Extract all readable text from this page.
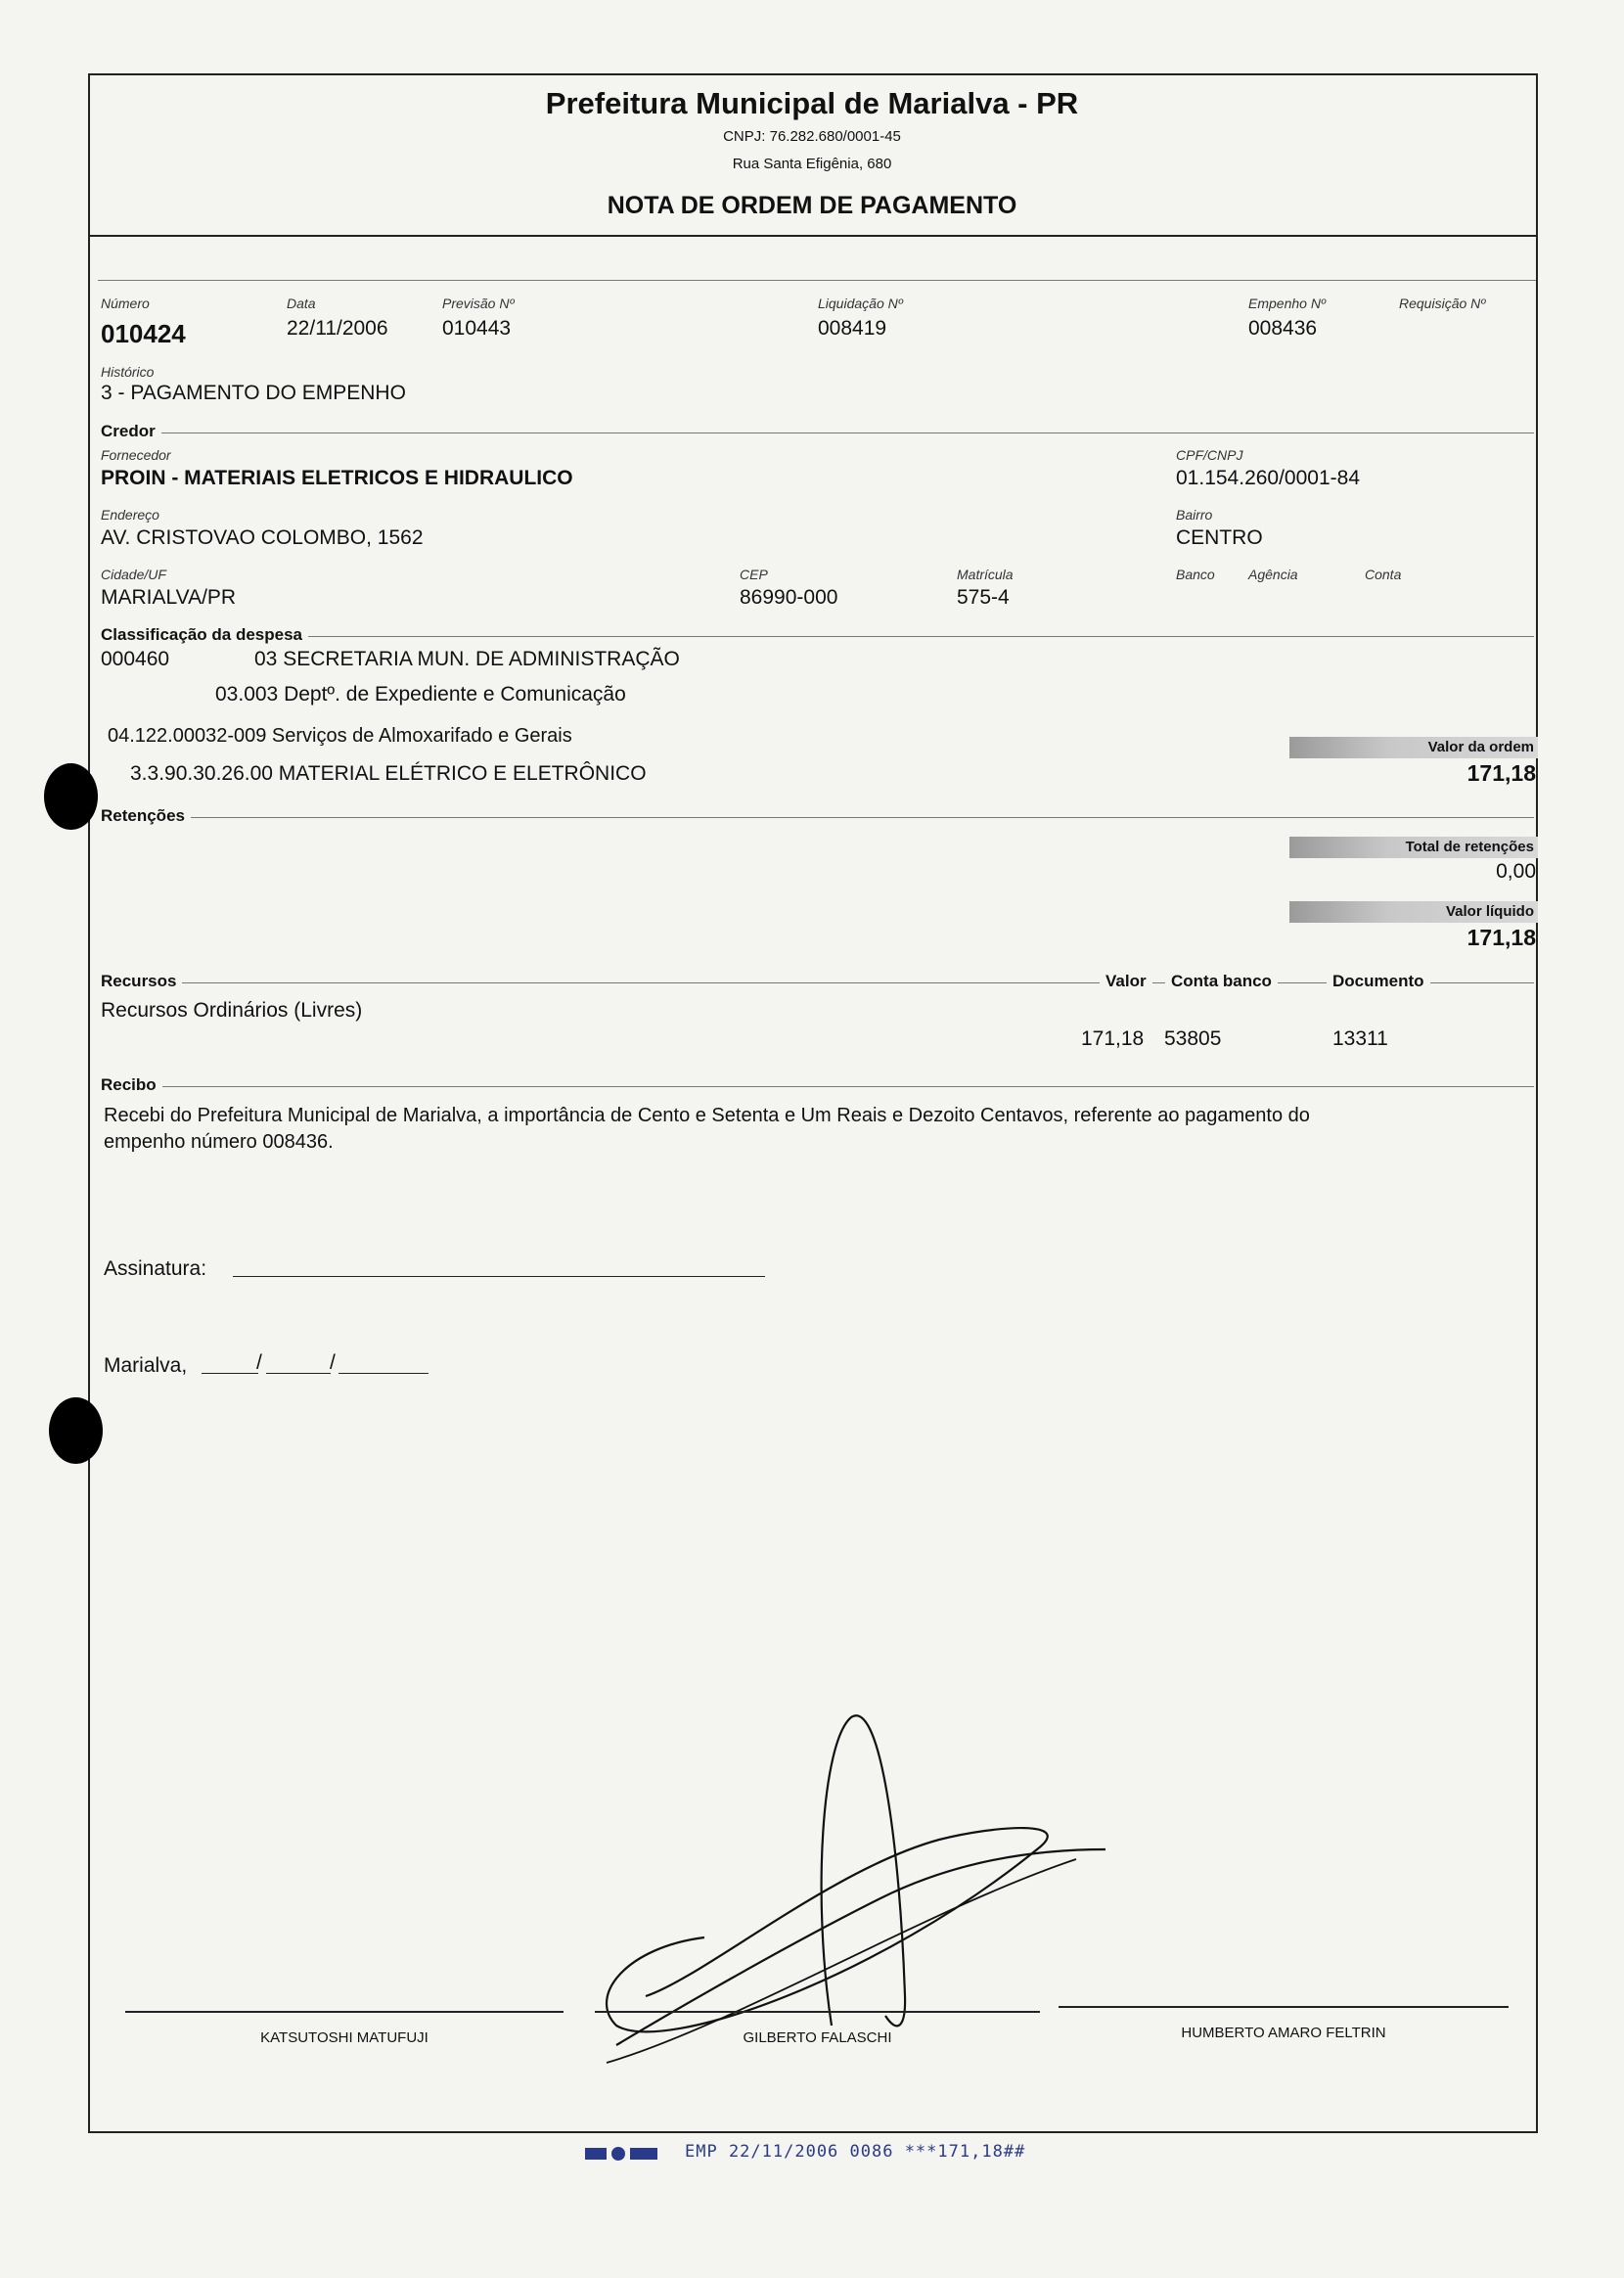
Prefeitura Municipal de Marialva - PR
CNPJ: 76.282.680/0001-45
Rua Santa Efigênia, 680
NOTA DE ORDEM DE PAGAMENTO
Número
010424
Data
22/11/2006
Previsão Nº
010443
Liquidação Nº
008419
Empenho Nº
008436
Requisição Nº
Histórico
3 - PAGAMENTO DO EMPENHO
Credor
Fornecedor
PROIN - MATERIAIS ELETRICOS E HIDRAULICO
CPF/CNPJ
01.154.260/0001-84
Endereço
AV. CRISTOVAO COLOMBO, 1562
Bairro
CENTRO
Cidade/UF
MARIALVA/PR
CEP
86990-000
Matrícula
575-4
Banco Agência	Conta
Classificação da despesa
000460	03 SECRETARIA MUN. DE ADMINISTRAÇÃO
03.003 Deptº. de Expediente e Comunicação
04.122.00032-009 Serviços de Almoxarifado e Gerais
3.3.90.30.26.00 MATERIAL ELÉTRICO E ELETRÔNICO
Valor da ordem
171,18
Retenções
Total de retenções
0,00
Valor líquido
171,18
Recursos	Valor	Conta banco	Documento
Recursos Ordinários (Livres)
171,18 53805	13311
Recibo
Recebi do Prefeitura Municipal de Marialva, a importância de Cento e Setenta e Um Reais e Dezoito Centavos, referente ao pagamento do
empenho número 008436.
Assinatura:
Marialva,	/	/
KATSUTOSHI MATUFUJI	GILBERTO FALASCHI	HUMBERTO AMARO FELTRIN
EMP 22/11/2006 0086 ***171,18##
